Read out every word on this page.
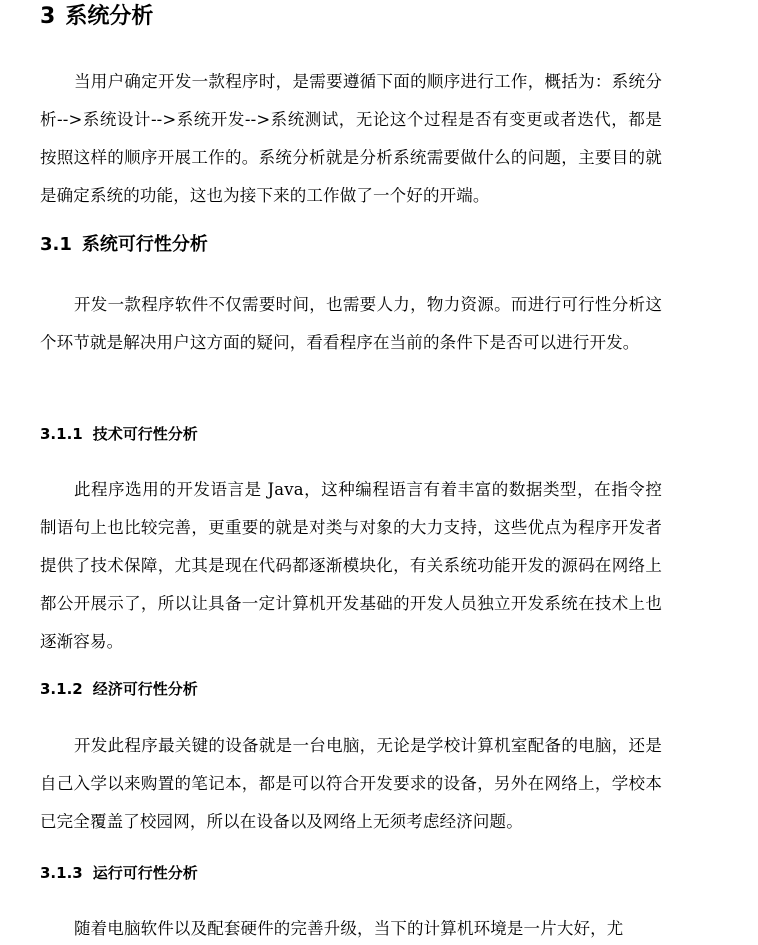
3 系统分析

当用户确定开发一款程序时，是需要遵循下面的顺序进行工作，概括为：系统分析-->系统设计-->系统开发-->系统测试，无论这个过程是否有变更或者迭代，都是按照这样的顺序开展工作的。系统分析就是分析系统需要做什么的问题，主要目的就是确定系统的功能，这也为接下来的工作做了一个好的开端。

3.1 系统可行性分析

开发一款程序软件不仅需要时间，也需要人力，物力资源。而进行可行性分析这个环节就是解决用户这方面的疑问，看看程序在当前的条件下是否可以进行开发。

3.1.1 技术可行性分析

此程序选用的开发语言是 Java，这种编程语言有着丰富的数据类型，在指令控制语句上也比较完善，更重要的就是对类与对象的大力支持，这些优点为程序开发者提供了技术保障，尤其是现在代码都逐渐模块化，有关系统功能开发的源码在网络上都公开展示了，所以让具备一定计算机开发基础的开发人员独立开发系统在技术上也逐渐容易。

3.1.2 经济可行性分析

开发此程序最关键的设备就是一台电脑，无论是学校计算机室配备的电脑，还是自己入学以来购置的笔记本，都是可以符合开发要求的设备，另外在网络上，学校本已完全覆盖了校园网，所以在设备以及网络上无须考虑经济问题。

3.1.3 运行可行性分析

随着电脑软件以及配套硬件的完善升级，当下的计算机环境是一片大好，尤
